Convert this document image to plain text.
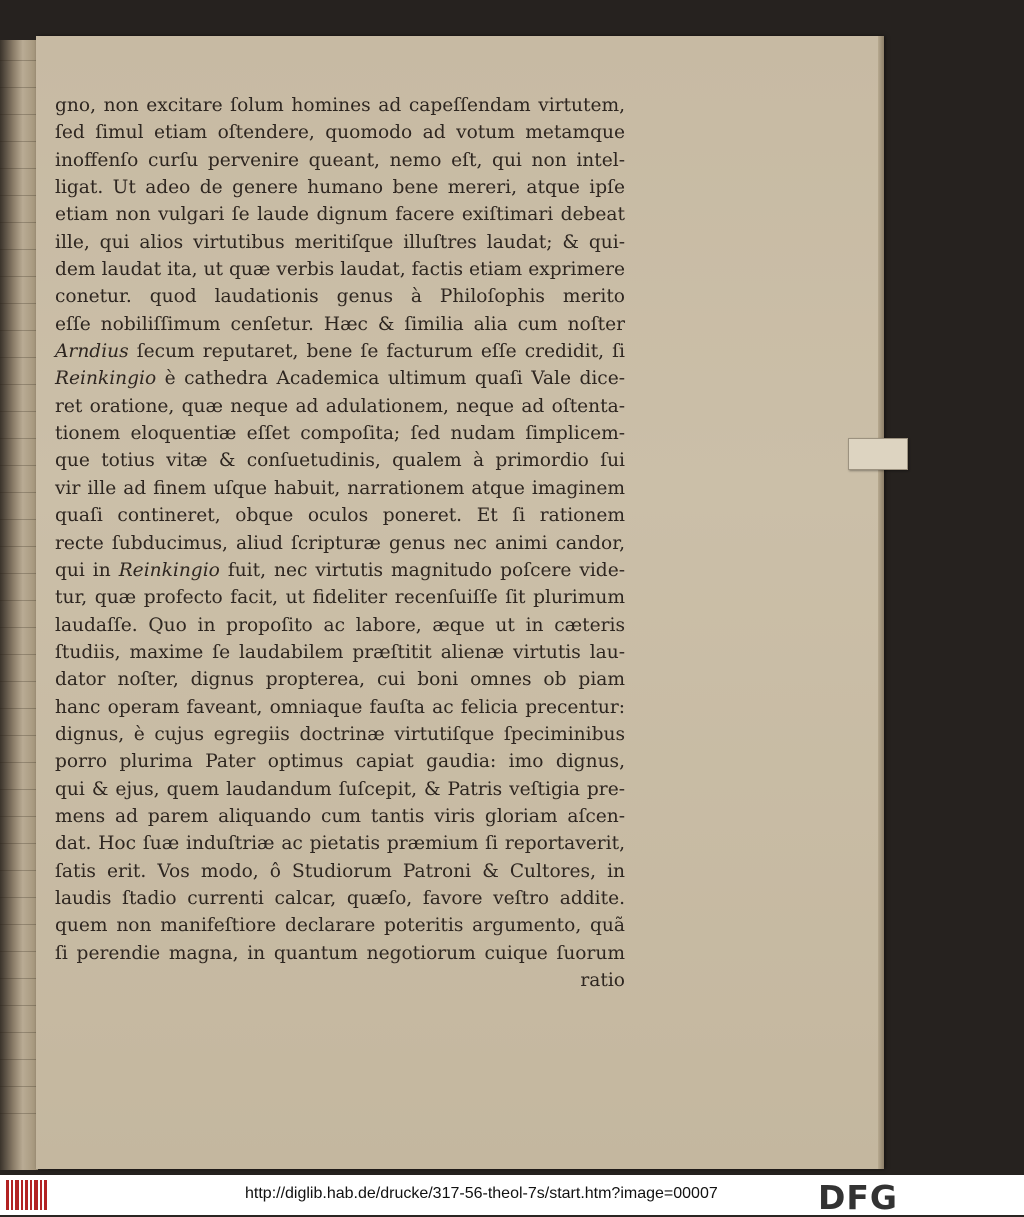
gno, non excitare ſolum homines ad capeſſendam virtutem,
ſed ſimul etiam oſtendere, quomodo ad votum metamque
inoffenſo curſu pervenire queant, nemo eſt, qui non intel-
ligat. Ut adeo de genere humano bene mereri, atque ipſe
etiam non vulgari ſe laude dignum facere exiſtimari debeat
ille, qui alios virtutibus meritiſque illuſtres laudat; & qui-
dem laudat ita, ut quæ verbis laudat, factis etiam exprimere
conetur. quod laudationis genus à Philoſophis merito
eſſe nobiliſſimum cenſetur. Hæc & ſimilia alia cum noſter
Arndius ſecum reputaret, bene ſe facturum eſſe credidit, ſi
Reinkingio è cathedra Academica ultimum quaſi Vale dice-
ret oratione, quæ neque ad adulationem, neque ad oſtenta-
tionem eloquentiæ eſſet compoſita; ſed nudam ſimplicem-
que totius vitæ & conſuetudinis, qualem à primordio ſui
vir ille ad finem uſque habuit, narrationem atque imaginem
quaſi contineret, obque oculos poneret. Et ſi rationem
recte ſubducimus, aliud ſcripturæ genus nec animi candor,
qui in Reinkingio fuit, nec virtutis magnitudo poſcere vide-
tur, quæ profecto facit, ut fideliter recenſuiſſe ſit plurimum
laudaſſe. Quo in propoſito ac labore, æque ut in cæteris
ſtudiis, maxime ſe laudabilem præſtitit alienæ virtutis lau-
dator noſter, dignus propterea, cui boni omnes ob piam
hanc operam faveant, omniaque fauſta ac felicia precentur:
dignus, è cujus egregiis doctrinæ virtutiſque ſpeciminibus
porro plurima Pater optimus capiat gaudia: imo dignus,
qui & ejus, quem laudandum ſuſcepit, & Patris veſtigia pre-
mens ad parem aliquando cum tantis viris gloriam aſcen-
dat. Hoc ſuæ induſtriæ ac pietatis præmium ſi reportaverit,
ſatis erit. Vos modo, ô Studiorum Patroni & Cultores, in
laudis ſtadio currenti calcar, quæſo, favore veſtro addite.
quem non manifeſtiore declarare poteritis argumento, quã
ſi perendie magna, in quantum negotiorum cuique ſuorum
ratio
http://diglib.hab.de/drucke/317-56-theol-7s/start.htm?image=00007	DFG
